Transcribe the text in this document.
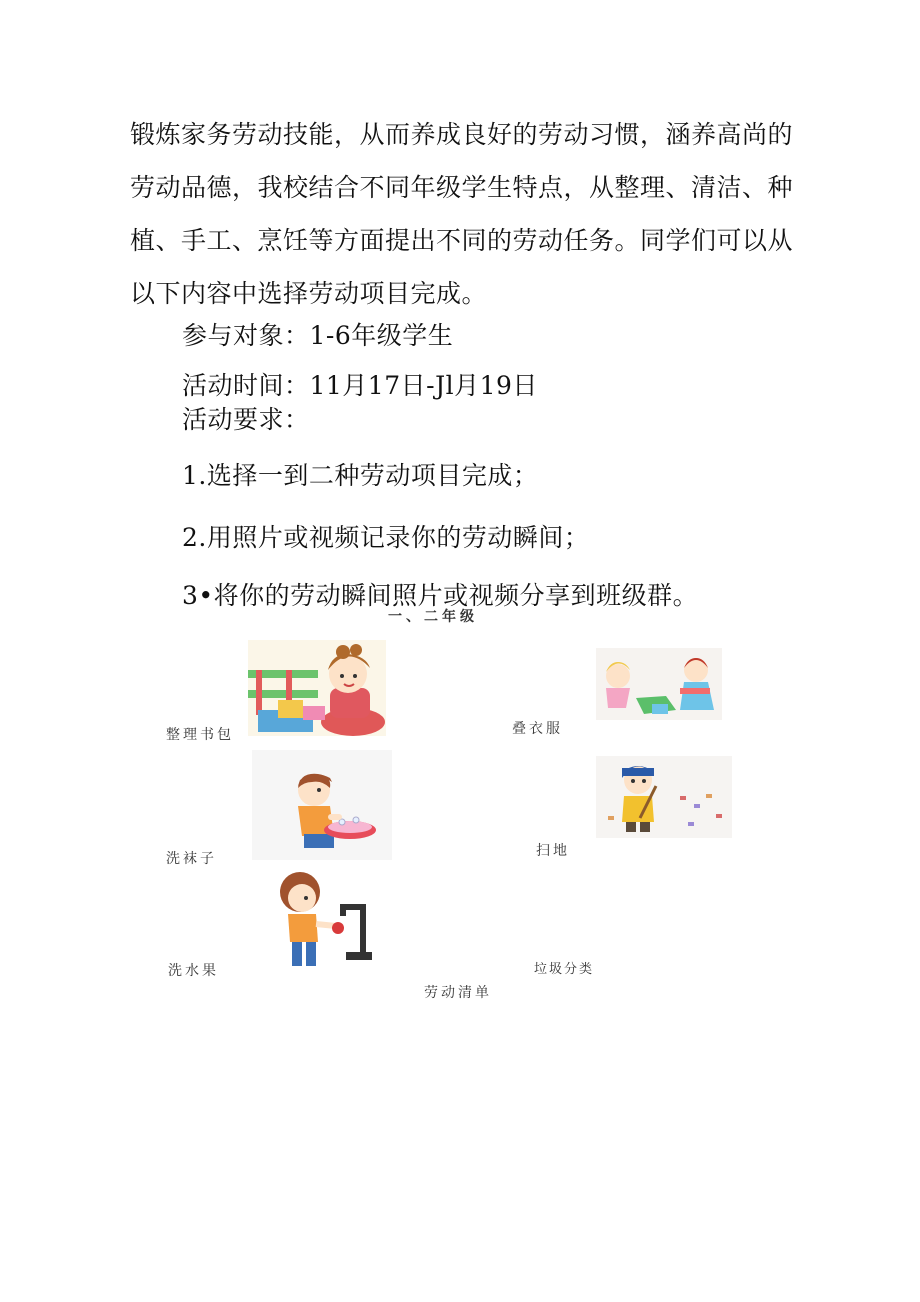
锻炼家务劳动技能，从而养成良好的劳动习惯，涵养高尚的
劳动品德，我校结合不同年级学生特点，从整理、清洁、种
植、手工、烹饪等方面提出不同的劳动任务。同学们可以从
以下内容中选择劳动项目完成。
参与对象：1-6年级学生
活动时间：11月17日-Jl月19日
活动要求：
1.选择一到二种劳动项目完成；
2.用照片或视频记录你的劳动瞬间；
3•将你的劳动瞬间照片或视频分享到班级群。
一、二年级
整理书包	叠衣服
洗袜子	扫地
洗水果	垃圾分类
劳动清单
